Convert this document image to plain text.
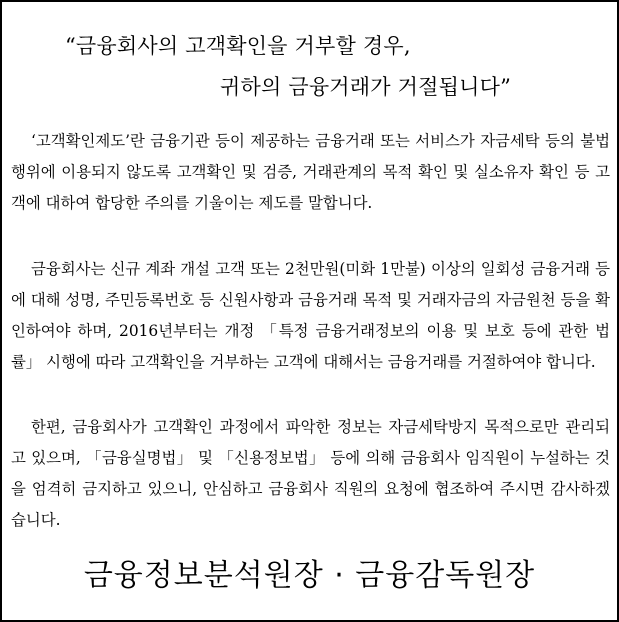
“금융회사의 고객확인을 거부할 경우,
귀하의 금융거래가 거절됩니다”

‘고객확인제도’란 금융기관 등이 제공하는 금융거래 또는 서비스가 자금세탁 등의 불법행위에 이용되지 않도록 고객확인 및 검증, 거래관계의 목적 확인 및 실소유자 확인 등 고객에 대하여 합당한 주의를 기울이는 제도를 말합니다.

금융회사는 신규 계좌 개설 고객 또는 2천만원(미화 1만불) 이상의 일회성 금융거래 등에 대해 성명, 주민등록번호 등 신원사항과 금융거래 목적 및 거래자금의 자금원천 등을 확인하여야 하며, 2016년부터는 개정 「특정 금융거래정보의 이용 및 보호 등에 관한 법률」 시행에 따라 고객확인을 거부하는 고객에 대해서는 금융거래를 거절하여야 합니다.

한편, 금융회사가 고객확인 과정에서 파악한 정보는 자금세탁방지 목적으로만 관리되고 있으며, 「금융실명법」 및 「신용정보법」 등에 의해 금융회사 임직원이 누설하는 것을 엄격히 금지하고 있으니, 안심하고 금융회사 직원의 요청에 협조하여 주시면 감사하겠습니다.

금융정보분석원장 · 금융감독원장
